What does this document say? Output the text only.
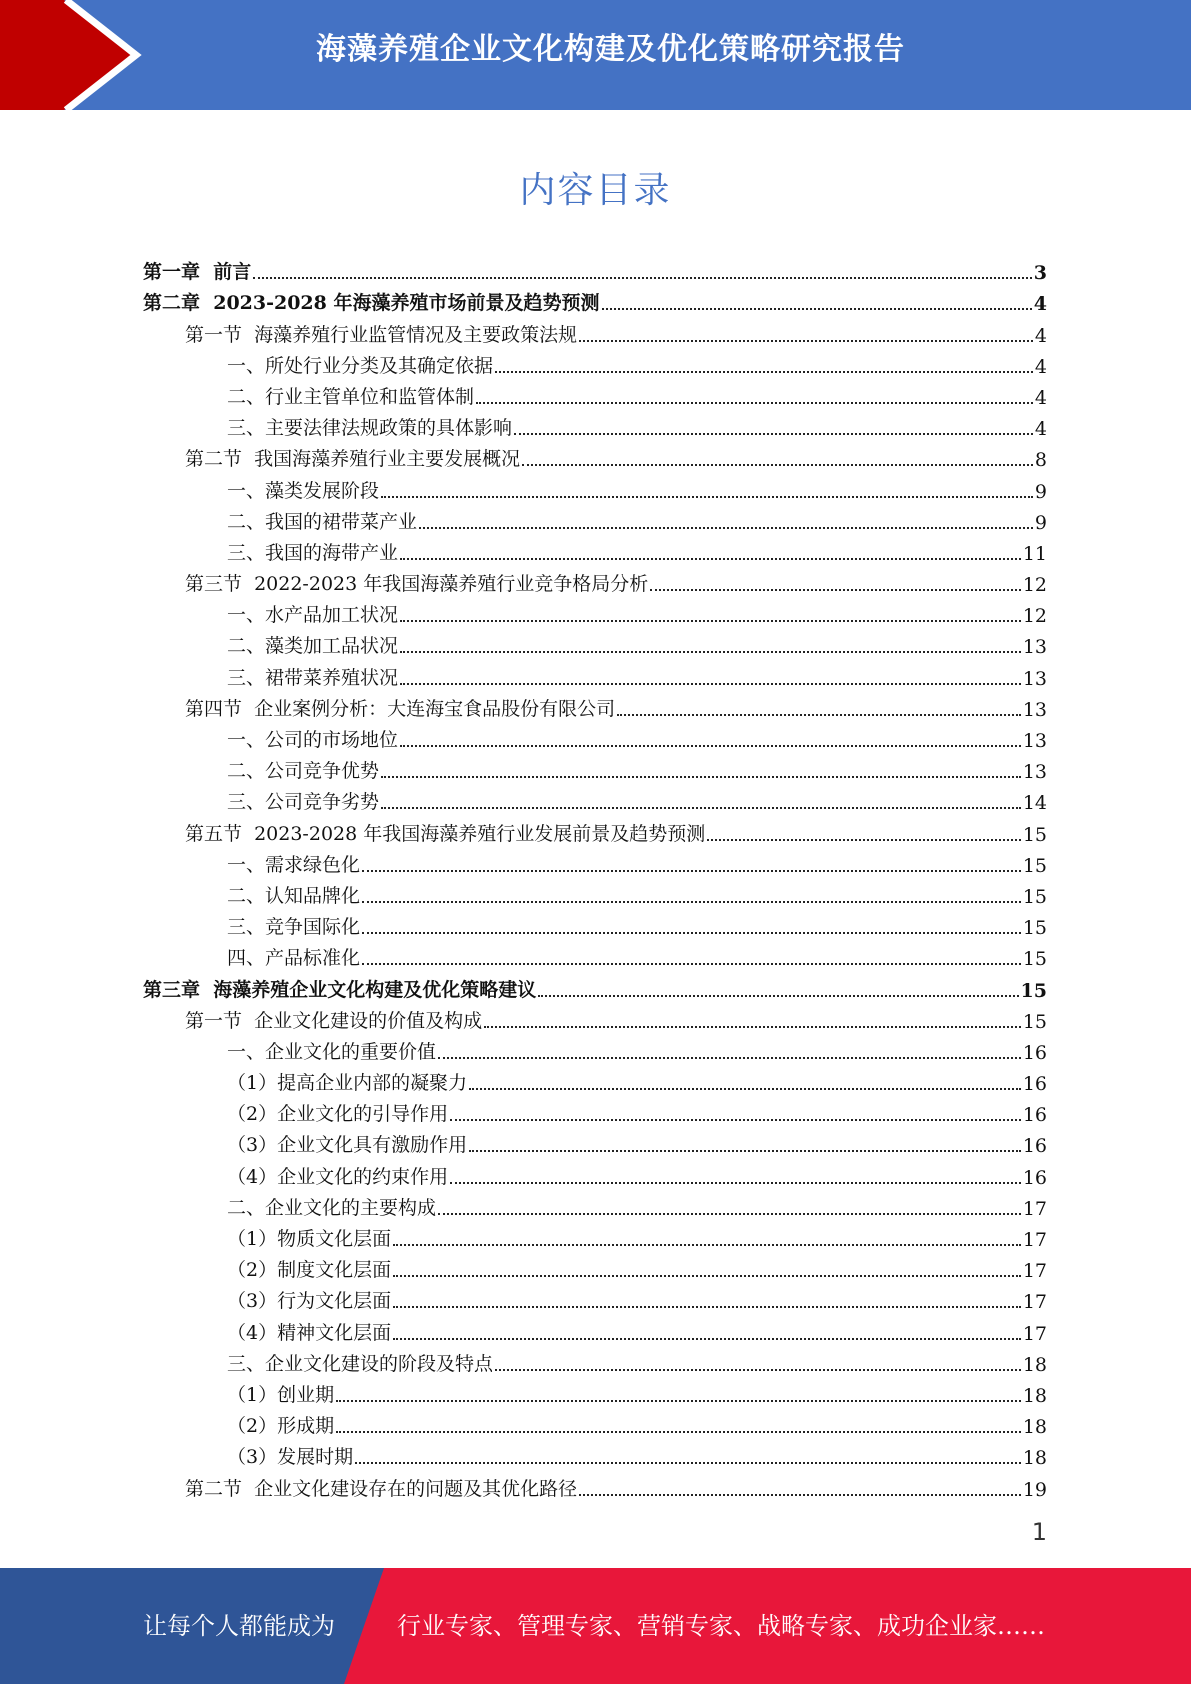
海藻养殖企业文化构建及优化策略研究报告
内容目录
第一章  前言	3
第二章  2023-2028 年海藻养殖市场前景及趋势预测	4
第一节  海藻养殖行业监管情况及主要政策法规	4
一、所处行业分类及其确定依据	4
二、行业主管单位和监管体制	4
三、主要法律法规政策的具体影响	4
第二节  我国海藻养殖行业主要发展概况	8
一、藻类发展阶段	9
二、我国的裙带菜产业	9
三、我国的海带产业	11
第三节  2022-2023 年我国海藻养殖行业竞争格局分析	12
一、水产品加工状况	12
二、藻类加工品状况	13
三、裙带菜养殖状况	13
第四节  企业案例分析：大连海宝食品股份有限公司	13
一、公司的市场地位	13
二、公司竞争优势	13
三、公司竞争劣势	14
第五节  2023-2028 年我国海藻养殖行业发展前景及趋势预测	15
一、需求绿色化	15
二、认知品牌化	15
三、竞争国际化	15
四、产品标准化	15
第三章  海藻养殖企业文化构建及优化策略建议	15
第一节  企业文化建设的价值及构成	15
一、企业文化的重要价值	16
（1）提高企业内部的凝聚力	16
（2）企业文化的引导作用	16
（3）企业文化具有激励作用	16
（4）企业文化的约束作用	16
二、企业文化的主要构成	17
（1）物质文化层面	17
（2）制度文化层面	17
（3）行为文化层面	17
（4）精神文化层面	17
三、企业文化建设的阶段及特点	18
（1）创业期	18
（2）形成期	18
（3）发展时期	18
第二节  企业文化建设存在的问题及其优化路径	19
1
让每个人都能成为	行业专家、管理专家、营销专家、战略专家、成功企业家……
